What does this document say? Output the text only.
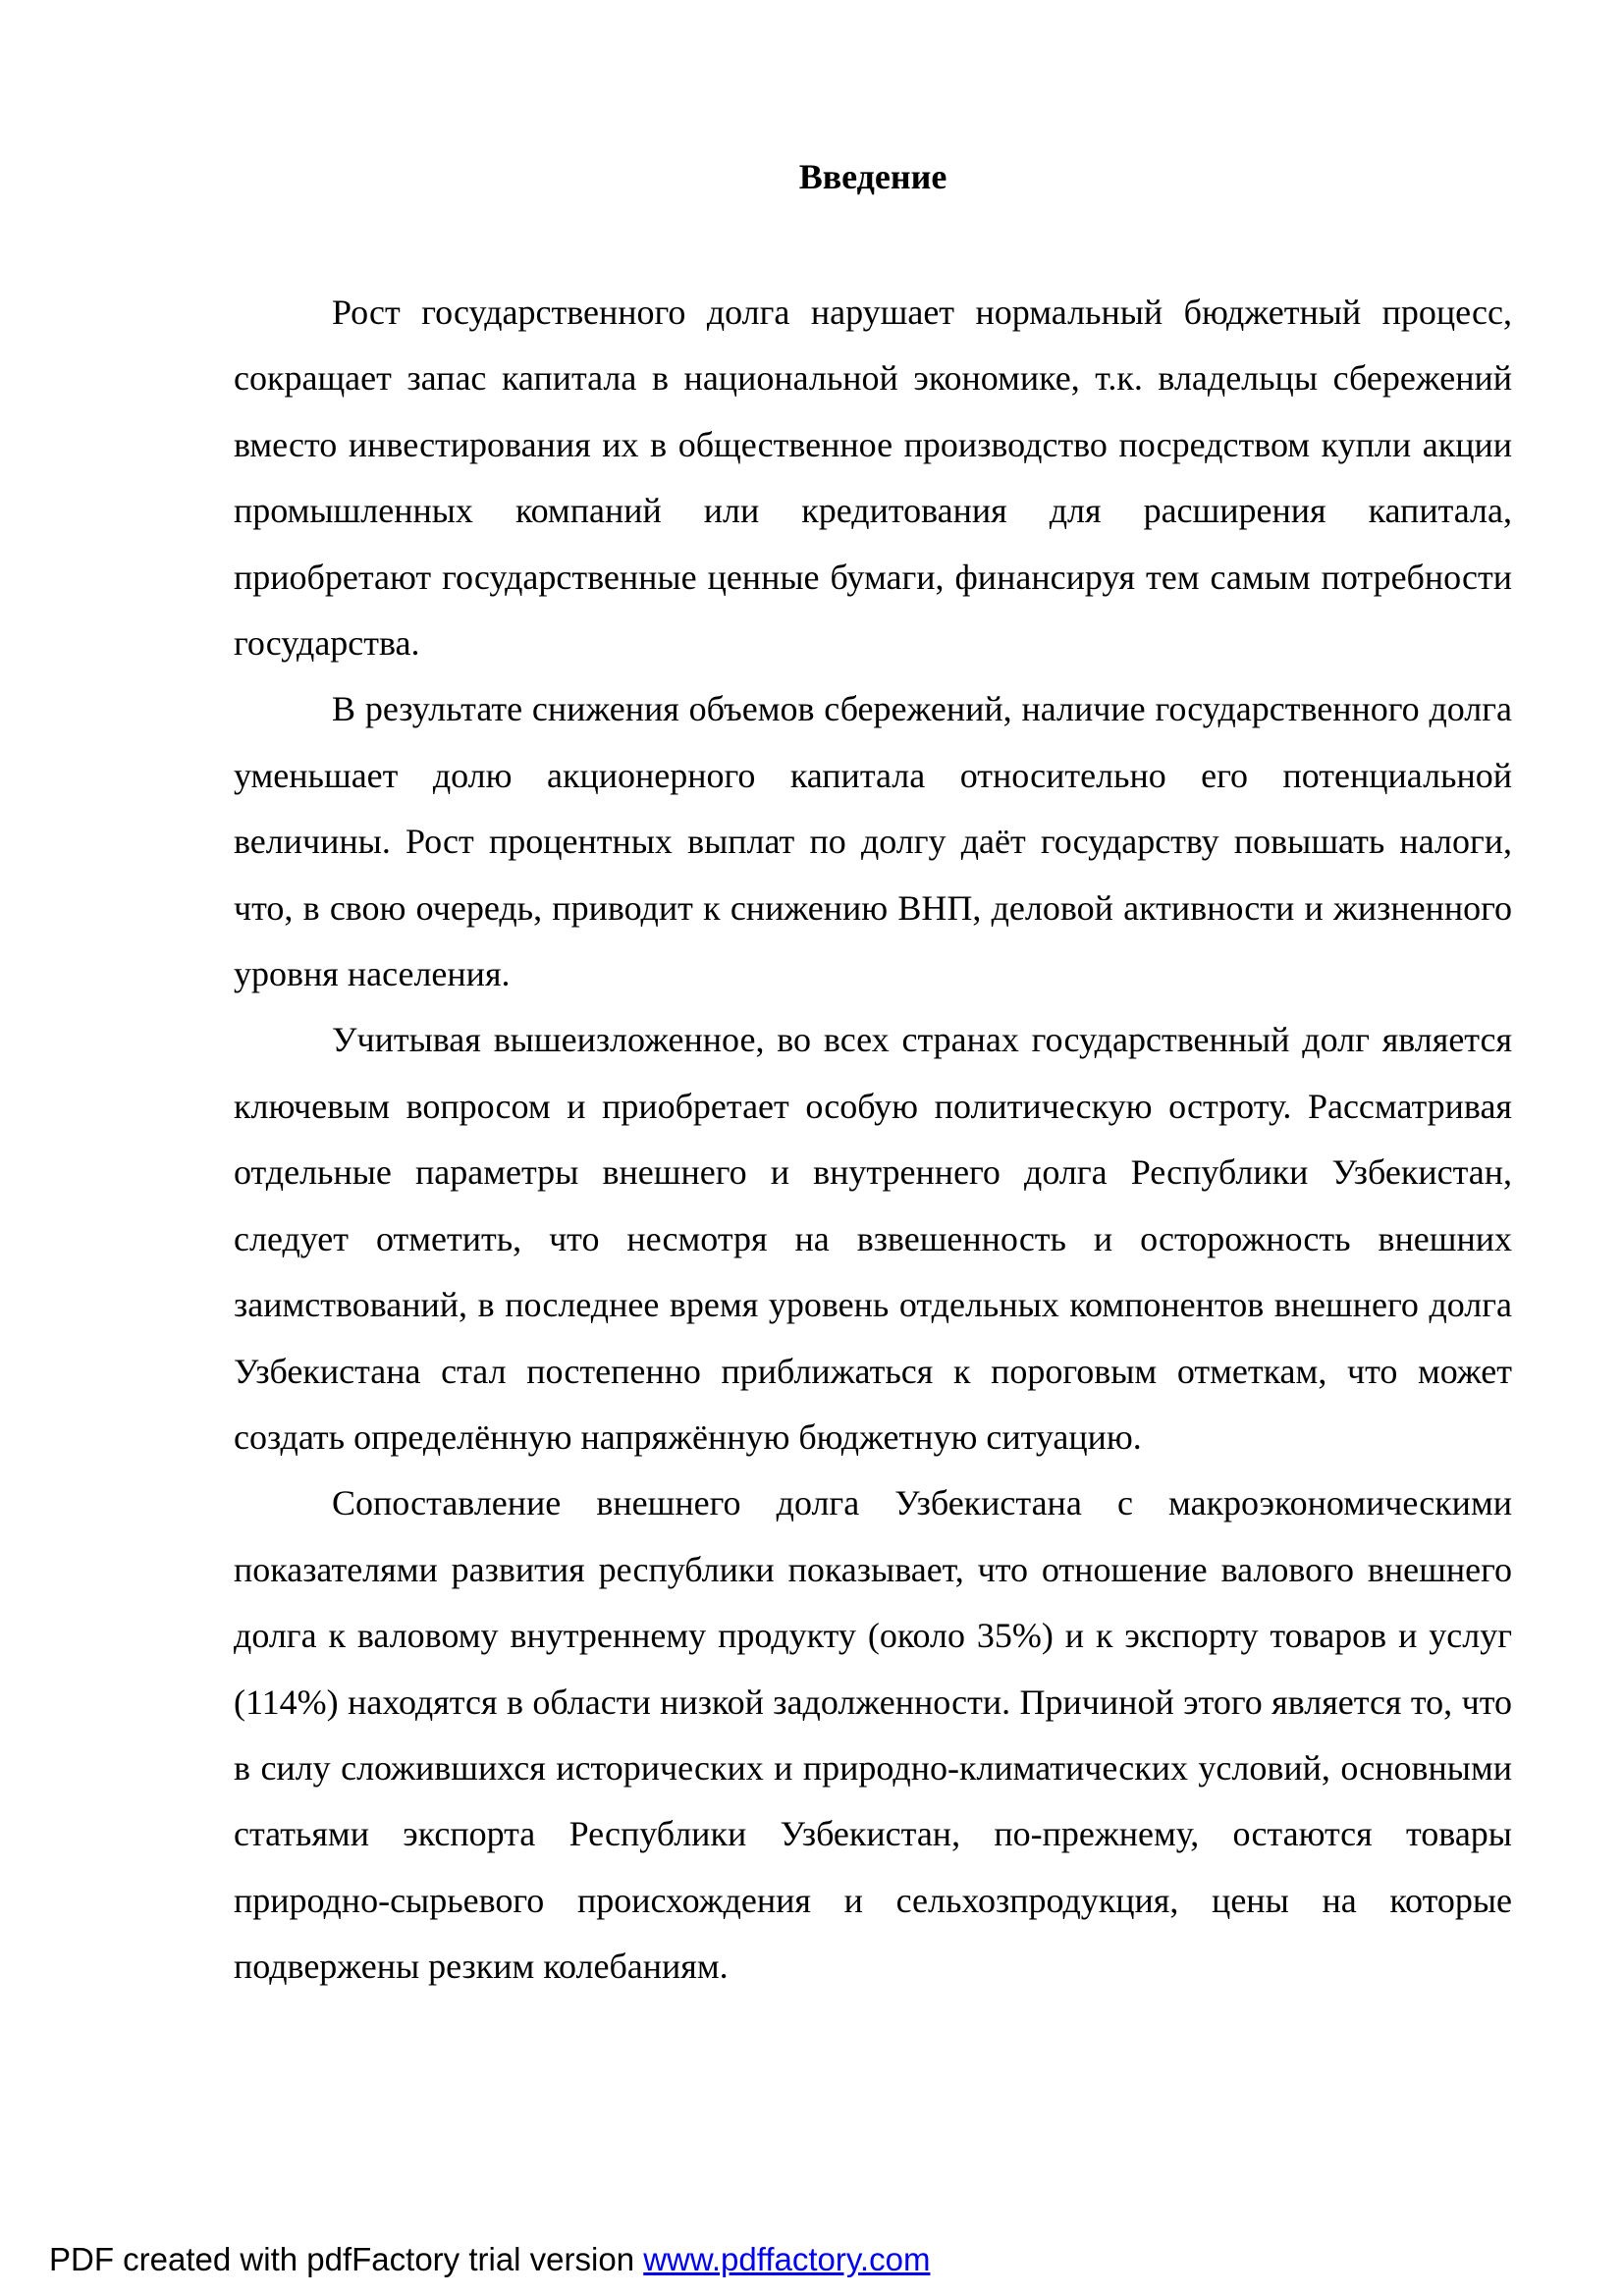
Введение

Рост государственного долга нарушает нормальный бюджетный процесс, сокращает запас капитала в национальной экономике, т.к. владельцы сбережений вместо инвестирования их в общественное производство посредством купли акции промышленных компаний или кредитования для расширения капитала, приобретают государственные ценные бумаги, финансируя тем самым потребности государства.

В результате снижения объемов сбережений, наличие государственного долга уменьшает долю акционерного капитала относительно его потенциальной величины. Рост процентных выплат по долгу даёт государству повышать налоги, что, в свою очередь, приводит к снижению ВНП, деловой активности и жизненного уровня населения.

Учитывая вышеизложенное, во всех странах государственный долг является ключевым вопросом и приобретает особую политическую остроту. Рассматривая отдельные параметры внешнего и внутреннего долга Республики Узбекистан, следует отметить, что несмотря на взвешенность и осторожность внешних заимствований, в последнее время уровень отдельных компонентов внешнего долга Узбекистана стал постепенно приближаться к пороговым отметкам, что может создать определённую напряжённую бюджетную ситуацию.

Сопоставление внешнего долга Узбекистана с макроэкономическими показателями развития республики показывает, что отношение валового внешнего долга к валовому внутреннему продукту (около 35%) и к экспорту товаров и услуг (114%) находятся в области низкой задолженности. Причиной этого является то, что в силу сложившихся исторических и природно-климатических условий, основными статьями экспорта Республики Узбекистан, по-прежнему, остаются товары природно-сырьевого происхождения и сельхозпродукция, цены на которые подвержены резким колебаниям.

PDF created with pdfFactory trial version www.pdffactory.com
